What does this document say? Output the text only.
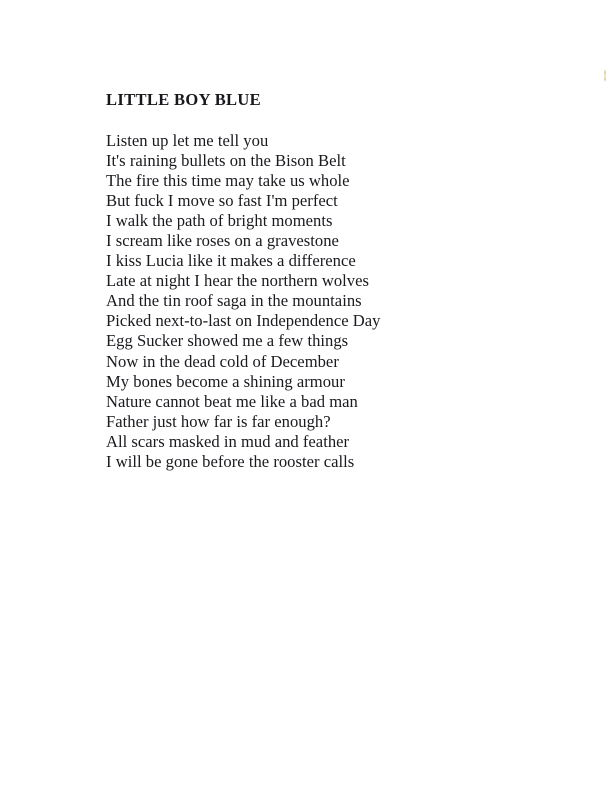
LITTLE BOY BLUE
Listen up let me tell you
It's raining bullets on the Bison Belt
The fire this time may take us whole
But fuck I move so fast I'm perfect
I walk the path of bright moments
I scream like roses on a gravestone
I kiss Lucia like it makes a difference
Late at night I hear the northern wolves
And the tin roof saga in the mountains
Picked next-to-last on Independence Day
Egg Sucker showed me a few things
Now in the dead cold of December
My bones become a shining armour
Nature cannot beat me like a bad man
Father just how far is far enough?
All scars masked in mud and feather
I will be gone before the rooster calls
